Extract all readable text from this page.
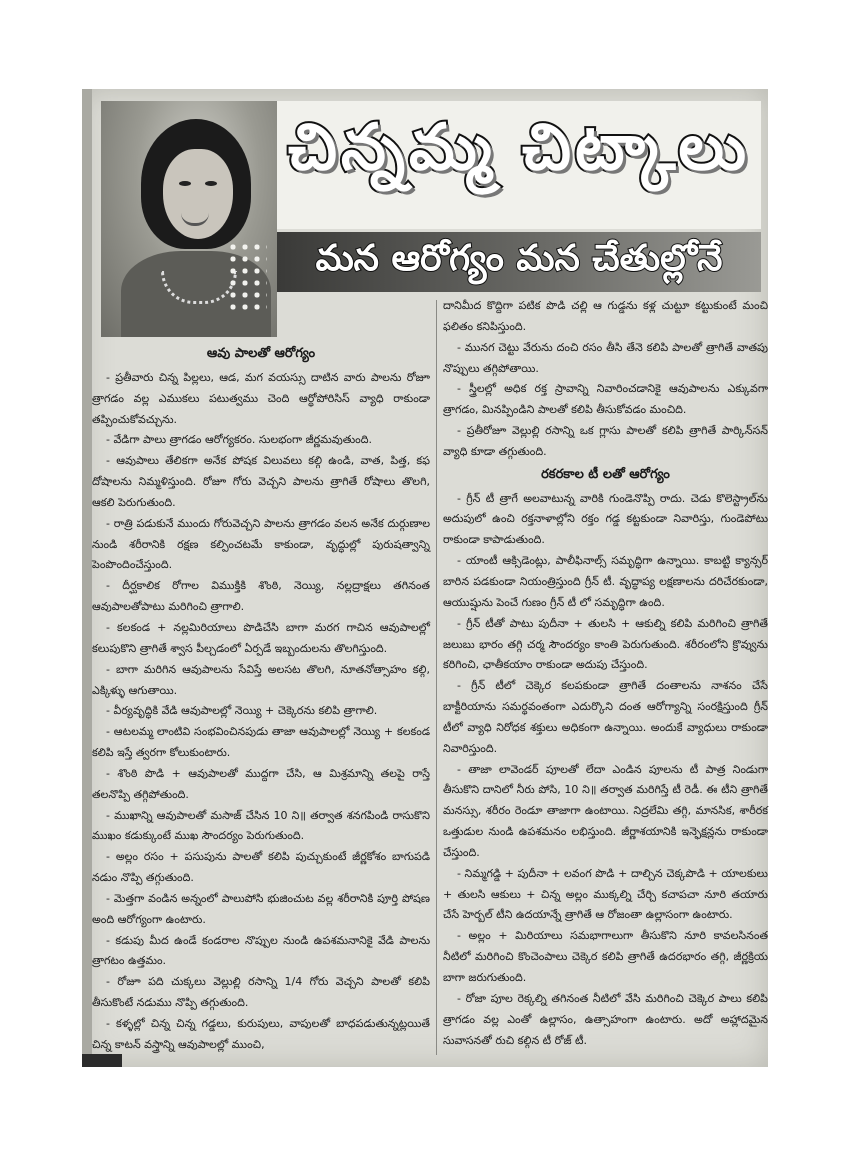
చిన్నమ్మ చిట్కాలు
మన ఆరోగ్యం మన చేతుల్లోనే

ఆవు పాలతో ఆరోగ్యం

- ప్రతీవారు చిన్న పిల్లలు, ఆడ, మగ వయస్సు దాటిన వారు పాలను రోజూ త్రాగడం వల్ల ఎముకలు పటుత్వము చెంది ఆర్థోపోరిసిస్ వ్యాధి రాకుండా తప్పించుకోవచ్చును.

- వేడిగా పాలు త్రాగడం ఆరోగ్యకరం. సులభంగా జీర్ణమవుతుంది.

- ఆవుపాలు తేలికగా అనేక పోషక విలువలు కల్గి ఉండి, వాత, పిత్త, కఫ దోషాలను నిమ్మళిస్తుంది. రోజూ గోరు వెచ్చని పాలను త్రాగితే రోషాలు తొలగి, ఆకలి పెరుగుతుంది.

- రాత్రి పడుకునే ముందు గోరువెచ్చని పాలను త్రాగడం వలన అనేక దుర్గుణాల నుండి శరీరానికి రక్షణ కల్పించటమే కాకుండా, వృద్ధుల్లో పురుషత్వాన్ని పెంపొందించేస్తుంది.

- దీర్ఘకాలిక రోగాల విముక్తికి శొంఠి, నెయ్యి, నల్లద్రాక్షలు తగినంత ఆవుపాలతోపాటు మరిగించి త్రాగాలి.

- కలకండ + నల్లమిరియాలు పొడిచేసి బాగా మరగ గాచిన ఆవుపాలల్లో కలుపుకొని త్రాగితే శ్వాస పీల్చడంలో ఏర్పడే ఇబ్బందులను తొలగిస్తుంది.

- బాగా మరిగిన ఆవుపాలను సేవిస్తే అలసట తొలగి, నూతనోత్సాహం కల్గి, ఎక్కిళ్ళు ఆగుతాయి.

- వీర్యవృద్ధికి వేడి ఆవుపాలల్లో నెయ్యి + చెక్కెరను కలిపి త్రాగాలి.

- ఆటలమ్మ లాంటివి సంభవించినపుడు తాజా ఆవుపాలల్లో నెయ్యి + కలకండ కలిపి ఇస్తే త్వరగా కోలుకుంటారు.

- శొంఠి పొడి + ఆవుపాలతో ముద్దగా చేసి, ఆ మిశ్రమాన్ని తలపై రాస్తే తలనొప్పి తగ్గిపోతుంది.

- ముఖాన్ని ఆవుపాలతో మసాజ్ చేసిన 10 ని॥ తర్వాత శనగపిండి రాసుకొని ముఖం కడుక్కుంటే ముఖ సౌందర్యం పెరుగుతుంది.

- అల్లం రసం + పసుపును పాలతో కలిపి పుచ్చుకుంటే జీర్ణకోశం బాగుపడి నడుం నొప్పి తగ్గుతుంది.

- మెత్తగా వండిన అన్నంలో పాలుపోసి భుజించుట వల్ల శరీరానికి పూర్తి పోషణ అంది ఆరోగ్యంగా ఉంటారు.

- కడుపు మీద ఉండే కండరాల నొప్పుల నుండి ఉపశమనానికై వేడి పాలను త్రాగటం ఉత్తమం.

- రోజూ పది చుక్కలు వెల్లుల్లి రసాన్ని 1/4 గోరు వెచ్చని పాలతో కలిపి తీసుకొంటే నడుము నొప్పి తగ్గుతుంది.

- కళ్ళల్లో చిన్న చిన్న గడ్డలు, కురుపులు, వాపులతో బాధపడుతున్నట్లయితే చిన్న కాటన్ వస్త్రాన్ని ఆవుపాలల్లో ముంచి,

దానిమీద కొద్దిగా పటిక పొడి చల్లి ఆ గుడ్డను కళ్ల చుట్టూ కట్టుకుంటే మంచి ఫలితం కనిపిస్తుంది.

- మునగ చెట్టు వేరును దంచి రసం తీసి తేనె కలిపి పాలతో త్రాగితే వాతపు నొప్పులు తగ్గిపోతాయి.

- స్త్రీలల్లో అధిక రక్త స్రావాన్ని నివారించడానికై ఆవుపాలను ఎక్కువగా త్రాగడం, మినప్పిండిని పాలతో కలిపి తీసుకోవడం మంచిది.

- ప్రతీరోజూ వెల్లుల్లి రసాన్ని ఒక గ్లాసు పాలతో కలిపి త్రాగితే పార్కిన్‌సన్ వ్యాధి కూడా తగ్గుతుంది.

రకరకాల టీ లతో ఆరోగ్యం

- గ్రీన్ టీ త్రాగే అలవాటున్న వారికి గుండెనొప్పి రాదు. చెడు కొలెస్ట్రాల్‌ను అదుపులో ఉంచి రక్తనాళాల్లోని రక్తం గడ్డ కట్టకుండా నివారిస్తు, గుండెపోటు రాకుండా కాపాడుతుంది.

- యాంటీ ఆక్సిడెంట్లు, పాలీఫినాల్స్ సమృద్ధిగా ఉన్నాయి. కాబట్టి క్యాన్సర్ బారిన పడకుండా నియంత్రిస్తుంది గ్రీన్ టీ. వృద్ధాప్య లక్షణాలను దరిచేరకుండా, ఆయుష్షును పెంచే గుణం గ్రీన్ టీ లో సమృద్ధిగా ఉంది.

- గ్రీన్ టీతో పాటు పుదీనా + తులసి + ఆకుల్ని కలిపి మరిగించి త్రాగితే జలుబు భారం తగ్గి చర్మ సౌందర్యం కాంతి పెరుగుతుంది. శరీరంలోని క్రొవ్వును కరిగించి, ఛాతీకయాం రాకుండా అదుపు చేస్తుంది.

- గ్రీన్ టీలో చెక్కెర కలపకుండా త్రాగితే దంతాలను నాశనం చేసే బాక్టీరియాను సమర్థవంతంగా ఎదుర్కొని దంత ఆరోగ్యాన్ని సంరక్షిస్తుంది గ్రీన్ టీలో వ్యాధి నిరోధక శక్తులు అధికంగా ఉన్నాయి. అందుకే వ్యాధులు రాకుండా నివారిస్తుంది.

- తాజా లావెండర్ పూలతో లేదా ఎండిన పూలను టీ పాత్ర నిండుగా తీసుకొని దానిలో నీరు పోసి, 10 ని॥ తర్వాత మరిగిస్తే టీ రెడీ. ఈ టీని త్రాగితే మనస్సు, శరీరం రెండూ తాజాగా ఉంటాయి. నిద్రలేమి తగ్గి, మానసిక, శారీరక ఒత్తుడుల నుండి ఉపశమనం లభిస్తుంది. జీర్ణాశయానికి ఇన్ఫెక్షన్లను రాకుండా చేస్తుంది.

- నిమ్మగడ్డి + పుదీనా + లవంగ పొడి + దాల్చిన చెక్కపొడి + యాలకులు + తులసి ఆకులు + చిన్న అల్లం ముక్కల్ని చేర్చి కచాపచా నూరి తయారు చేసే హెర్బల్ టీని ఉదయాన్నే త్రాగితే ఆ రోజంతా ఉల్లాసంగా ఉంటారు.

- అల్లం + మిరియాలు సమభాగాలుగా తీసుకొని నూరి కావలసినంత నీటిలో మరిగించి కొంచెంపాలు చెక్కెర కలిపి త్రాగితే ఉదరభారం తగ్గి, జీర్ణక్రియ బాగా జరుగుతుంది.

- రోజా పూల రెక్కల్ని తగినంత నీటిలో వేసి మరిగించి చెక్కెర పాలు కలిపి త్రాగడం వల్ల ఎంతో ఉల్లాసం, ఉత్సాహంగా ఉంటారు. అదో అహ్లాదమైన సువాసనతో రుచి కల్గిన టీ రోజ్ టీ.
